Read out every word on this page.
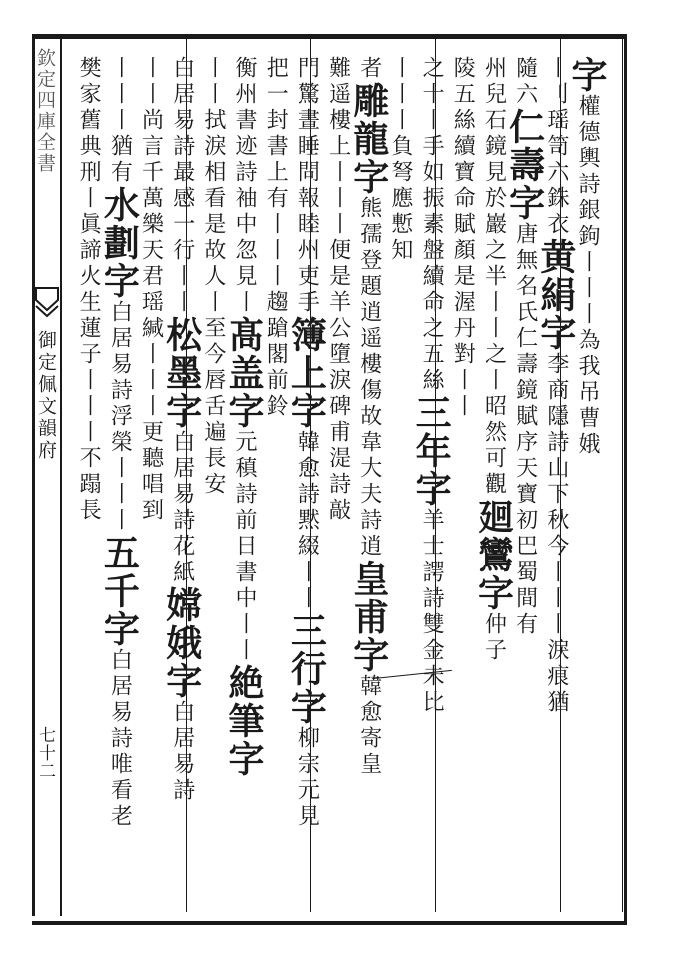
欽定四庫全書
御定佩文韻府
七十二
字權德輿詩銀鉤丨丨丨為我吊曹娥
丨刂瑶笥六銖衣黄絹字李商隱詩山下秋今丨丨丨淚痕猶
隨六仁壽字唐無名氏仁壽鏡賦序天寶初巴蜀間有
州兒石鏡見於巖之半丨丨之丨昭然可觀廻鸞字仲子
陵五絲續寶命賦顏是渥丹對丨丨
之十丨手如振素盤續命之五絲三年字羊士諤詩雙金未比
丨丨丨負弩應慙知
者雕龍字熊孺登題逍遥樓傷故韋大夫詩逍皇甫字韓愈寄皇
難遥樓上丨丨丨便是羊公墮淚碑甫湜詩敲
門驚晝睡問報睦州吏手簿上字韓愈詩黙綴丨丨三行字柳宗元見
把一封書上有丨丨丨趨蹌閣前鈴
衡州書迹詩袖中忽見丨髙盖字元稹詩前日書中丨丨絶筆字
丨丨拭淚相看是故人丨至今唇舌遍長安
白居易詩最感一行丨丨松墨字白居易詩花紙嫦娥字白居易詩
丨丨尚言千萬樂天君瑶緘丨丨丨更聽唱到
丨丨丨猶有水劃字白居易詩浮榮丨丨丨五千字白居易詩唯看老
樊家舊典刑丨眞諦火生蓮子丨丨丨不蹋長
